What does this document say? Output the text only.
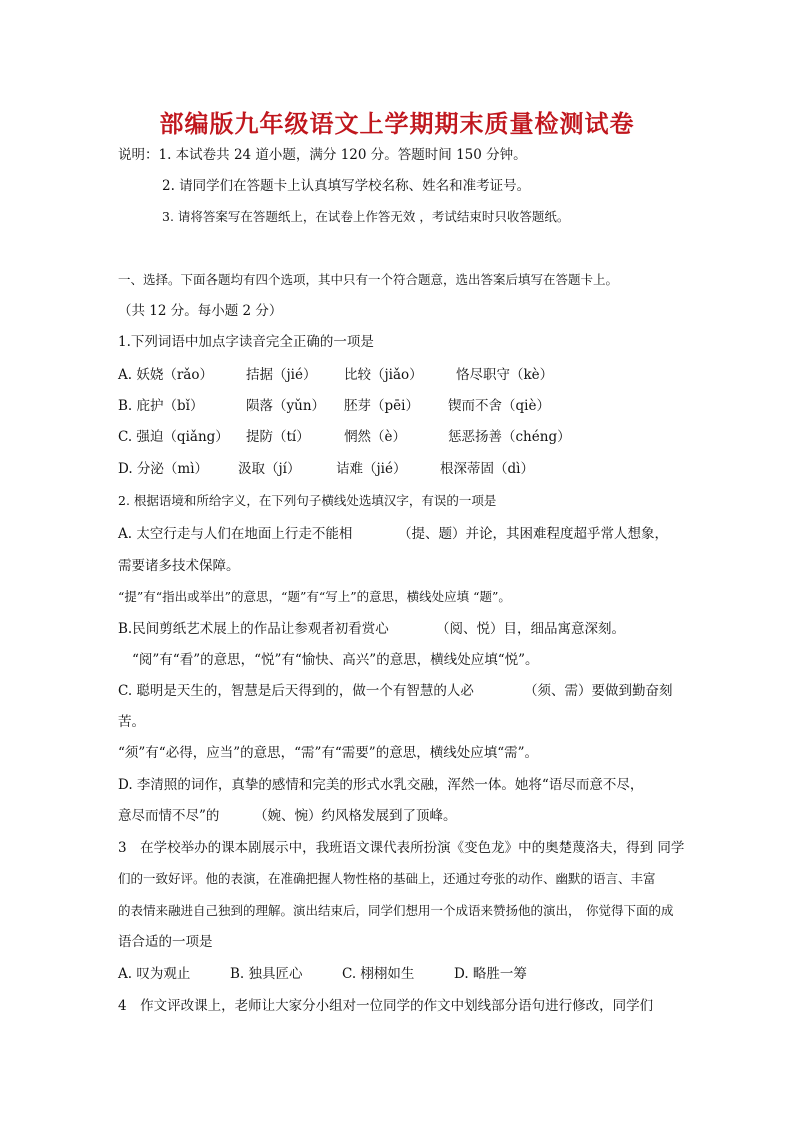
部编版九年级语文上学期期末质量检测试卷
说明：1. 本试卷共 24 道小题，满分 120 分。答题时间 150 分钟。
2. 请同学们在答题卡上认真填写学校名称、姓名和准考证号。
3. 请将答案写在答题纸上，在试卷上作答无效 ，考试结束时只收答题纸。
一、选择。下面各题均有四个选项，其中只有一个符合题意，选出答案后填写在答题卡上。
（共 12 分。每小题 2 分）
1.下列词语中加点字读音完全正确的一项是
A. 妖娆（rǎo） 拮据（jié） 比较（jiǎo） 恪尽职守（kè）
B. 庇护（bǐ）	陨落（yǔn） 胚芽（pēi） 锲而不舍（qiè）
C. 强迫（qiǎng） 提防（tí）	惘然（è）	惩恶扬善（chéng）
D. 分泌（mì） 汲取（jí）	诘难（jié） 根深蒂固（dì）
2. 根据语境和所给字义，在下列句子横线处选填汉字，有误的一项是
A. 太空行走与人们在地面上行走不能相	（提、题）并论，其困难程度超乎常人想象，
需要诸多技术保障。
“提”有“指出或举出”的意思，“题”有“写上”的意思，横线处应填 “题”。
B.民间剪纸艺术展上的作品让参观者初看赏心	（阅、悦）目，细品寓意深刻。
“阅”有“看”的意思，“悦”有“愉快、高兴”的意思，横线处应填“悦”。
C. 聪明是天生的，智慧是后天得到的，做一个有智慧的人必	（须、需）要做到勤奋刻
苦。
“须”有“必得，应当”的意思，“需”有“需要”的意思，横线处应填“需”。
D. 李清照的词作，真挚的感情和完美的形式水乳交融，浑然一体。她将“语尽而意不尽，
意尽而情不尽”的	（婉、惋）约风格发展到了顶峰。
3　在学校举办的课本剧展示中，我班语文课代表所扮演《变色龙》中的奥楚蔑洛夫，得到 同学
们的一致好评。他的表演，在准确把握人物性格的基础上，还通过夸张的动作、幽默的语言、丰富
的表情来融进自己独到的理解。演出结束后，同学们想用一个成语来赞扬他的演出， 你觉得下面的成
语合适的一项是
A. 叹为观止	B. 独具匠心	C. 栩栩如生	D. 略胜一筹
4　作文评改课上，老师让大家分小组对一位同学的作文中划线部分语句进行修改，同学们
